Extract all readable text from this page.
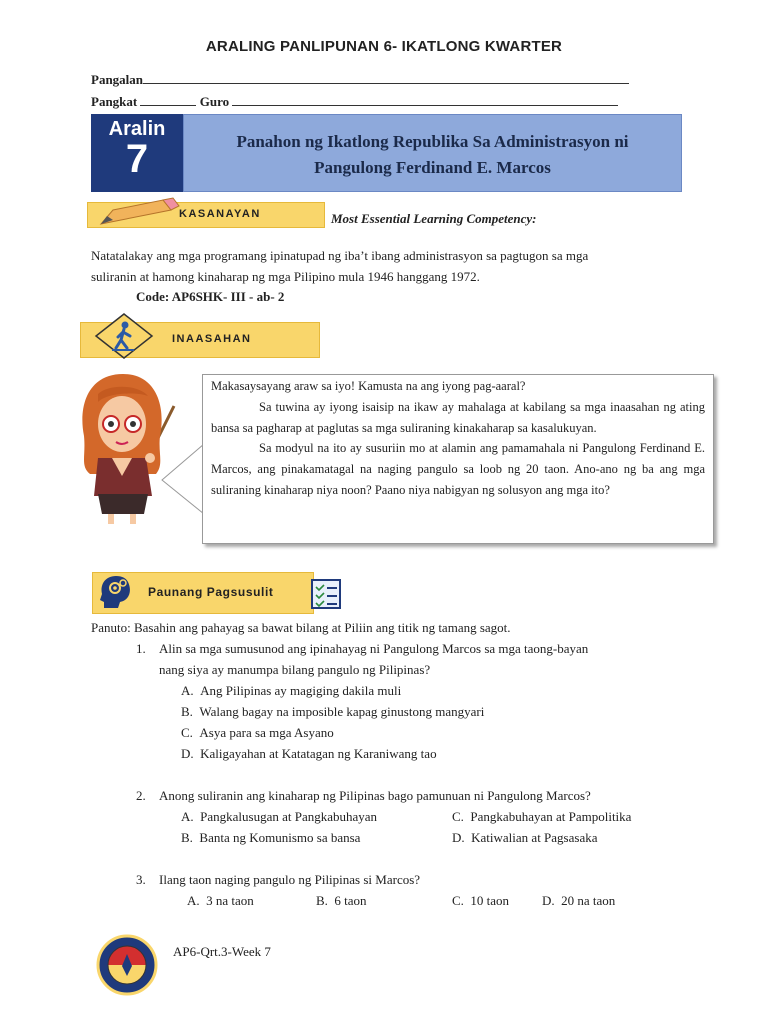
ARALING PANLIPUNAN 6- IKATLONG KWARTER
Pangalan
Pangkat	Guro
Aralin
7	Panahon ng Ikatlong Republika Sa Administrasyon ni
Pangulong Ferdinand E. Marcos
KASANAYAN	Most Essential Learning Competency:
Natatalakay ang mga programang ipinatupad ng iba’t ibang administrasyon sa pagtugon sa mga
suliranin at hamong kinaharap ng mga Pilipino mula 1946 hanggang 1972.
Code: AP6SHK- III - ab- 2
INAASAHAN

Makasaysayang araw sa iyo! Kamusta na ang iyong pag-aaral?

Sa tuwina ay iyong isaisip na ikaw ay mahalaga at kabilang sa mga inaasahan ng ating bansa sa pagharap at paglutas sa mga suliraning kinakaharap sa kasalukuyan.

Sa modyul na ito ay susuriin mo at alamin ang pamamahala ni Pangulong Ferdinand E. Marcos, ang pinakamatagal na naging pangulo sa loob ng 20 taon. Ano-ano ng ba ang mga suliraning kinaharap niya noon? Paano niya nabigyan ng solusyon ang mga ito?

Paunang Pagsusulit
Panuto: Basahin ang pahayag sa bawat bilang at Piliin ang titik ng tamang sagot.
1. Alin sa mga sumusunod ang ipinahayag ni Pangulong Marcos sa mga taong-bayan
nang siya ay manumpa bilang pangulo ng Pilipinas?
A. Ang Pilipinas ay magiging dakila muli
B. Walang bagay na imposible kapag ginustong mangyari
C. Asya para sa mga Asyano
D. Kaligayahan at Katatagan ng Karaniwang tao
2. Anong suliranin ang kinaharap ng Pilipinas bago pamunuan ni Pangulong Marcos?
A. Pangkalusugan at Pangkabuhayan	C. Pangkabuhayan at Pampolitika
B. Banta ng Komunismo sa bansa	D. Katiwalian at Pagsasaka
3. Ilang taon naging pangulo ng Pilipinas si Marcos?
A. 3 na taon	B. 6 taon	C. 10 taon	D. 20 na taon
AP6-Qrt.3-Week 7
